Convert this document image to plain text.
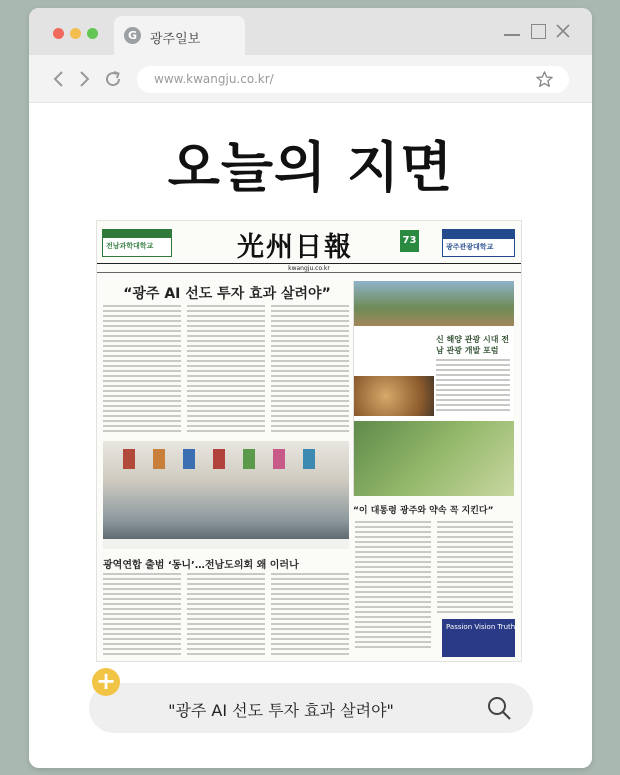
G 광주일보
www.kwangju.co.kr/
오늘의 지면
전남과학대학교	光州日報	73
광주관광대학교
kwangju.co.kr
“광주 AI 선도 투자 효과 살려야”
신 해양 관광 시대 전남 관광 개발 포럼
광역연합 출범 ‘동니’…전남도의회 왜 이러나
“이 대통령 광주와 약속 꼭 지킨다”
Passion Vision Truth
"광주 AI 선도 투자 효과 살려야"
+
